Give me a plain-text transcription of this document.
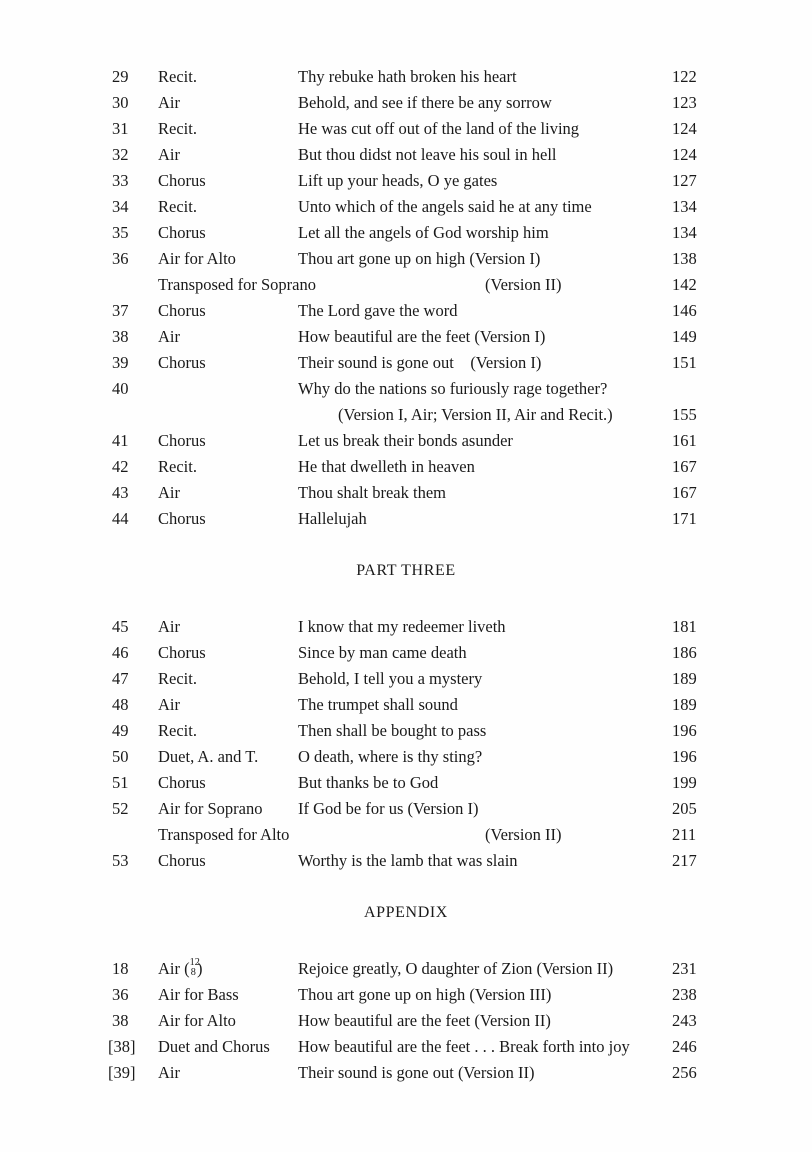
29	Recit.	Thy rebuke hath broken his heart	122
30	Air	Behold, and see if there be any sorrow	123
31	Recit.	He was cut off out of the land of the living	124
32	Air	But thou didst not leave his soul in hell	124
33	Chorus	Lift up your heads, O ye gates	127
34	Recit.	Unto which of the angels said he at any time	134
35	Chorus	Let all the angels of God worship him	134
36	Air for Alto	Thou art gone up on high (Version I)	138
Transposed for Soprano	(Version II)	142
37	Chorus	The Lord gave the word	146
38	Air	How beautiful are the feet (Version I)	149
39	Chorus	Their sound is gone out    (Version I)	151
40	Why do the nations so furiously rage together?
(Version I, Air; Version II, Air and Recit.)	155
41	Chorus	Let us break their bonds asunder	161
42	Recit.	He that dwelleth in heaven	167
43	Air	Thou shalt break them	167
44	Chorus	Hallelujah	171
PART THREE
45	Air	I know that my redeemer liveth	181
46	Chorus	Since by man came death	186
47	Recit.	Behold, I tell you a mystery	189
48	Air	The trumpet shall sound	189
49	Recit.	Then shall be bought to pass	196
50	Duet, A. and T.	O death, where is thy sting?	196
51	Chorus	But thanks be to God	199
52	Air for Soprano	If God be for us (Version I)	205
Transposed for Alto	(Version II)	211
53	Chorus	Worthy is the lamb that was slain	217
APPENDIX
18	Air ( 12
8 )	Rejoice greatly, O daughter of Zion (Version II)	231
36	Air for Bass	Thou art gone up on high (Version III)	238
38	Air for Alto	How beautiful are the feet (Version II)	243
[38]	Duet and Chorus	How beautiful are the feet . . . Break forth into joy	246
[39]	Air	Their sound is gone out (Version II)	256
